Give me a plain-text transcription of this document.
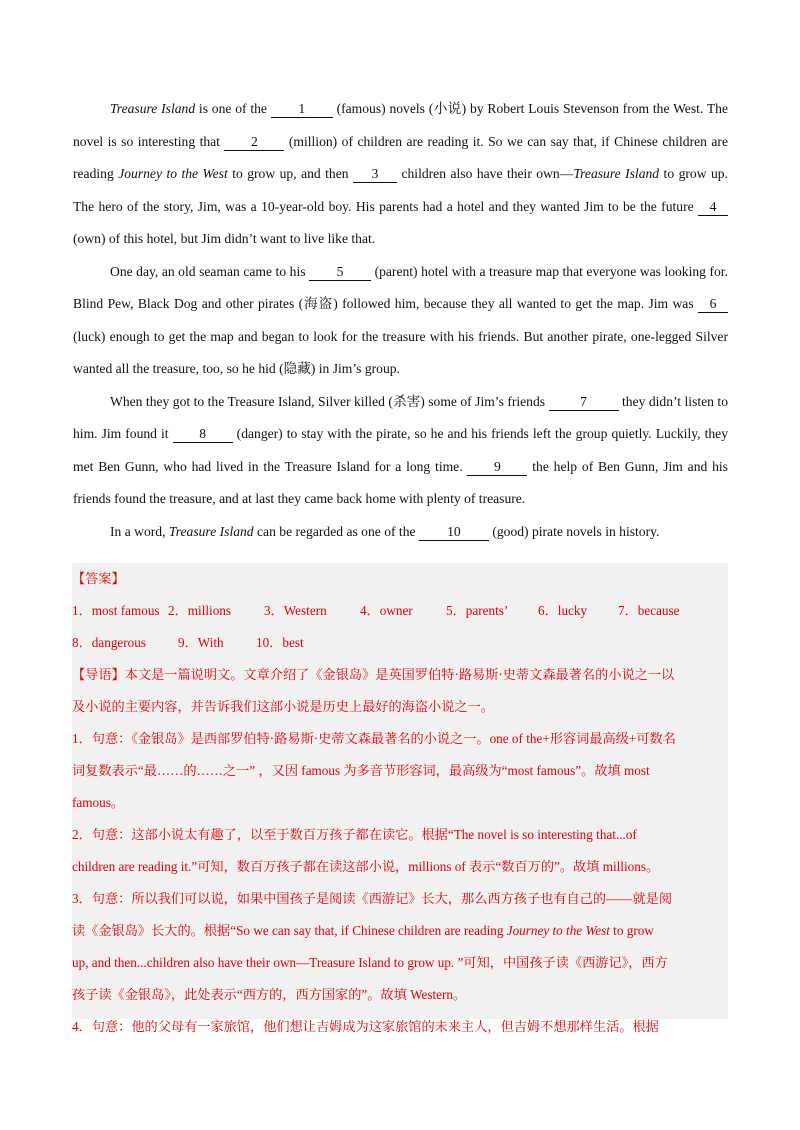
Treasure Island is one of the 1 (famous) novels (小说) by Robert Louis Stevenson from the West. The novel is so interesting that 2 (million) of children are reading it. So we can say that, if Chinese children are reading Journey to the West to grow up, and then 3 children also have their own—Treasure Island to grow up. The hero of the story, Jim, was a 10-year-old boy. His parents had a hotel and they wanted Jim to be the future 4 (own) of this hotel, but Jim didn’t want to live like that.

One day, an old seaman came to his 5 (parent) hotel with a treasure map that everyone was looking for. Blind Pew, Black Dog and other pirates (海盗) followed him, because they all wanted to get the map. Jim was 6 (luck) enough to get the map and began to look for the treasure with his friends. But another pirate, one-legged Silver wanted all the treasure, too, so he hid (隐藏) in Jim’s group.

When they got to the Treasure Island, Silver killed (杀害) some of Jim’s friends 7 they didn’t listen to him. Jim found it 8 (danger) to stay with the pirate, so he and his friends left the group quietly. Luckily, they met Ben Gunn, who had lived in the Treasure Island for a long time. 9 the help of Ben Gunn, Jim and his friends found the treasure, and at last they came back home with plenty of treasure.

In a word, Treasure Island can be regarded as one of the 10 (good) pirate novels in history.

【答案】

1．most famous 2．millions 3．Western	4．owner	5．parents’ 6．lucky 7．because

8．dangerous 9．With 10．best

【导语】本文是一篇说明文。文章介绍了《金银岛》是英国罗伯特·路易斯·史蒂文森最著名的小说之一以

及小说的主要内容，并告诉我们这部小说是历史上最好的海盗小说之一。

1．句意：《金银岛》是西部罗伯特·路易斯·史蒂文森最著名的小说之一。one of the+形容词最高级+可数名

词复数表示“最……的……之一” ，又因 famous 为多音节形容词，最高级为“most famous”。故填 most

famous。

2．句意：这部小说太有趣了，以至于数百万孩子都在读它。根据“The novel is so interesting that...of

children are reading it.”可知，数百万孩子都在读这部小说，millions of 表示“数百万的”。故填 millions。

3．句意：所以我们可以说，如果中国孩子是阅读《西游记》长大，那么西方孩子也有自己的——就是阅

读《金银岛》长大的。根据“So we can say that, if Chinese children are reading Journey to the West to grow

up, and then...children also have their own—Treasure Island to grow up. ”可知，中国孩子读《西游记》，西方

孩子读《金银岛》，此处表示“西方的，西方国家的”。故填 Western。

4．句意：他的父母有一家旅馆，他们想让吉姆成为这家旅馆的未来主人，但吉姆不想那样生活。根据
